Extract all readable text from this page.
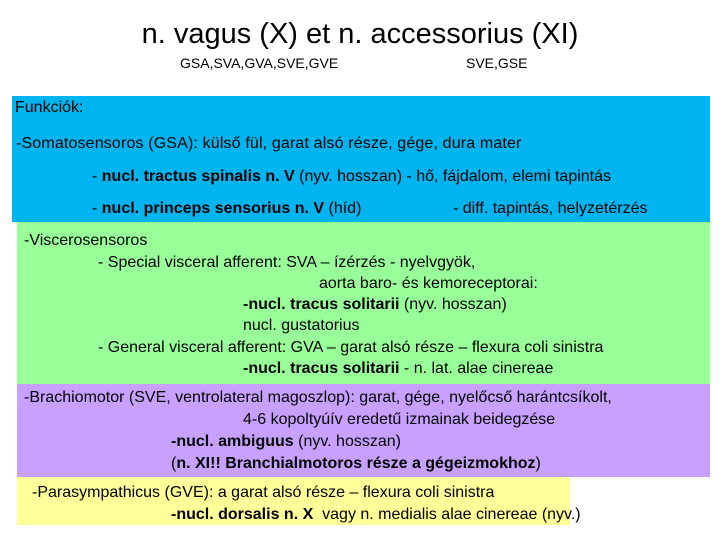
n. vagus (X) et n. accessorius (XI)
GSA,SVA,GVA,SVE,GVE	SVE,GSE
Funkciók:
-Somatosensoros (GSA): külső fül, garat alsó része, gége, dura mater
- nucl. tractus spinalis n. V (nyv. hosszan) - hő, fájdalom, elemi tapintás
- nucl. princeps sensorius n. V (híd)	- diff. tapintás, helyzetérzés
-Viscerosensoros
- Special visceral afferent: SVA – ízérzés - nyelvgyök,
aorta baro- és kemoreceptorai:
-nucl. tracus solitarii (nyv. hosszan)
nucl. gustatorius
- General visceral afferent: GVA – garat alsó része – flexura coli sinistra
-nucl. tracus solitarii - n. lat. alae cinereae
-Brachiomotor (SVE, ventrolateral magoszlop): garat, gége, nyelőcső harántcsíkolt,
4-6 kopoltyúív eredetű izmainak beidegzése
-nucl. ambiguus (nyv. hosszan)
(n. XI!! Branchialmotoros része a gégeizmokhoz)
-Parasympathicus (GVE): a garat alsó része – flexura coli sinistra
-nucl. dorsalis n. X  vagy n. medialis alae cinereae (nyv.)
